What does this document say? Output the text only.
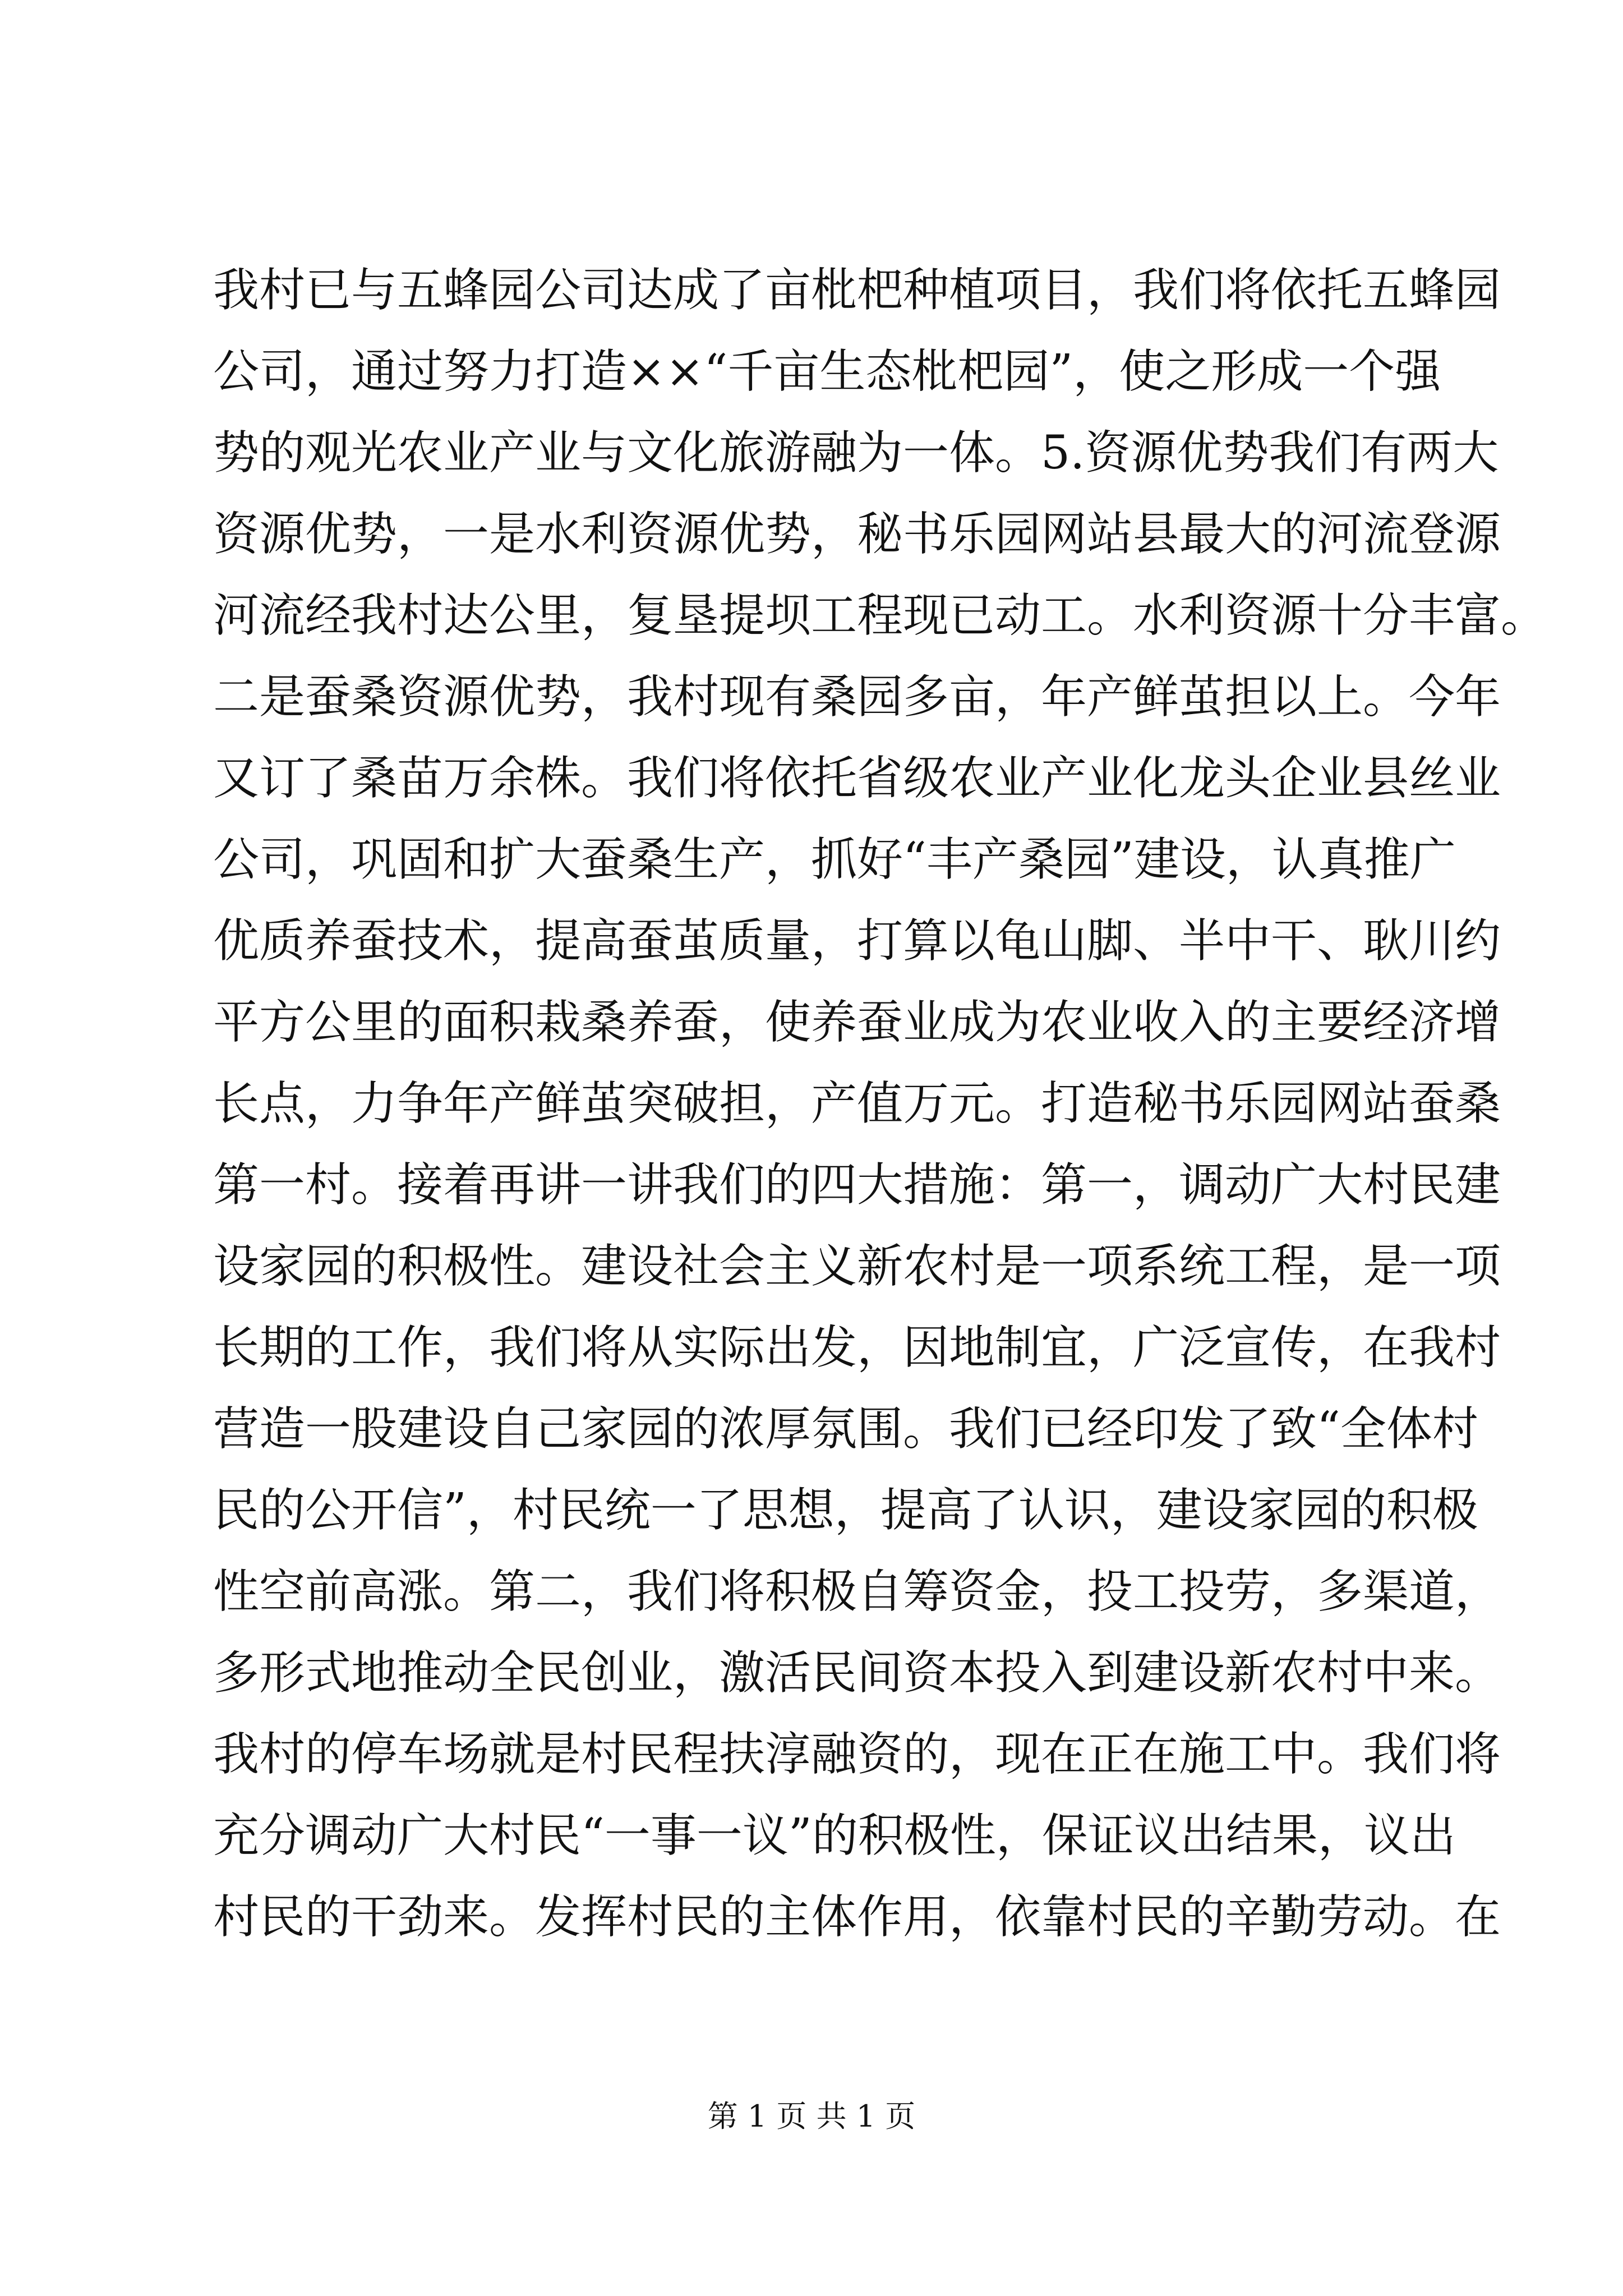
我村已与五蜂园公司达成了亩枇杷种植项目，我们将依托五蜂园
公司，通过努力打造××“千亩生态枇杷园”，使之形成一个强
势的观光农业产业与文化旅游融为一体。5.资源优势我们有两大
资源优势，一是水利资源优势，秘书乐园网站县最大的河流登源
河流经我村达公里，复垦提坝工程现已动工。水利资源十分丰富。
二是蚕桑资源优势，我村现有桑园多亩，年产鲜茧担以上。今年
又订了桑苗万余株。我们将依托省级农业产业化龙头企业县丝业
公司，巩固和扩大蚕桑生产，抓好“丰产桑园”建设，认真推广
优质养蚕技术，提高蚕茧质量，打算以龟山脚、半中干、耿川约
平方公里的面积栽桑养蚕，使养蚕业成为农业收入的主要经济增
长点，力争年产鲜茧突破担，产值万元。打造秘书乐园网站蚕桑
第一村。接着再讲一讲我们的四大措施：第一，调动广大村民建
设家园的积极性。建设社会主义新农村是一项系统工程，是一项
长期的工作，我们将从实际出发，因地制宜，广泛宣传，在我村
营造一股建设自己家园的浓厚氛围。我们已经印发了致“全体村
民的公开信”，村民统一了思想，提高了认识，建设家园的积极
性空前高涨。第二，我们将积极自筹资金，投工投劳，多渠道，
多形式地推动全民创业，激活民间资本投入到建设新农村中来。
我村的停车场就是村民程扶淳融资的，现在正在施工中。我们将
充分调动广大村民“一事一议”的积极性，保证议出结果，议出
村民的干劲来。发挥村民的主体作用，依靠村民的辛勤劳动。在
第 1 页 共 1 页
